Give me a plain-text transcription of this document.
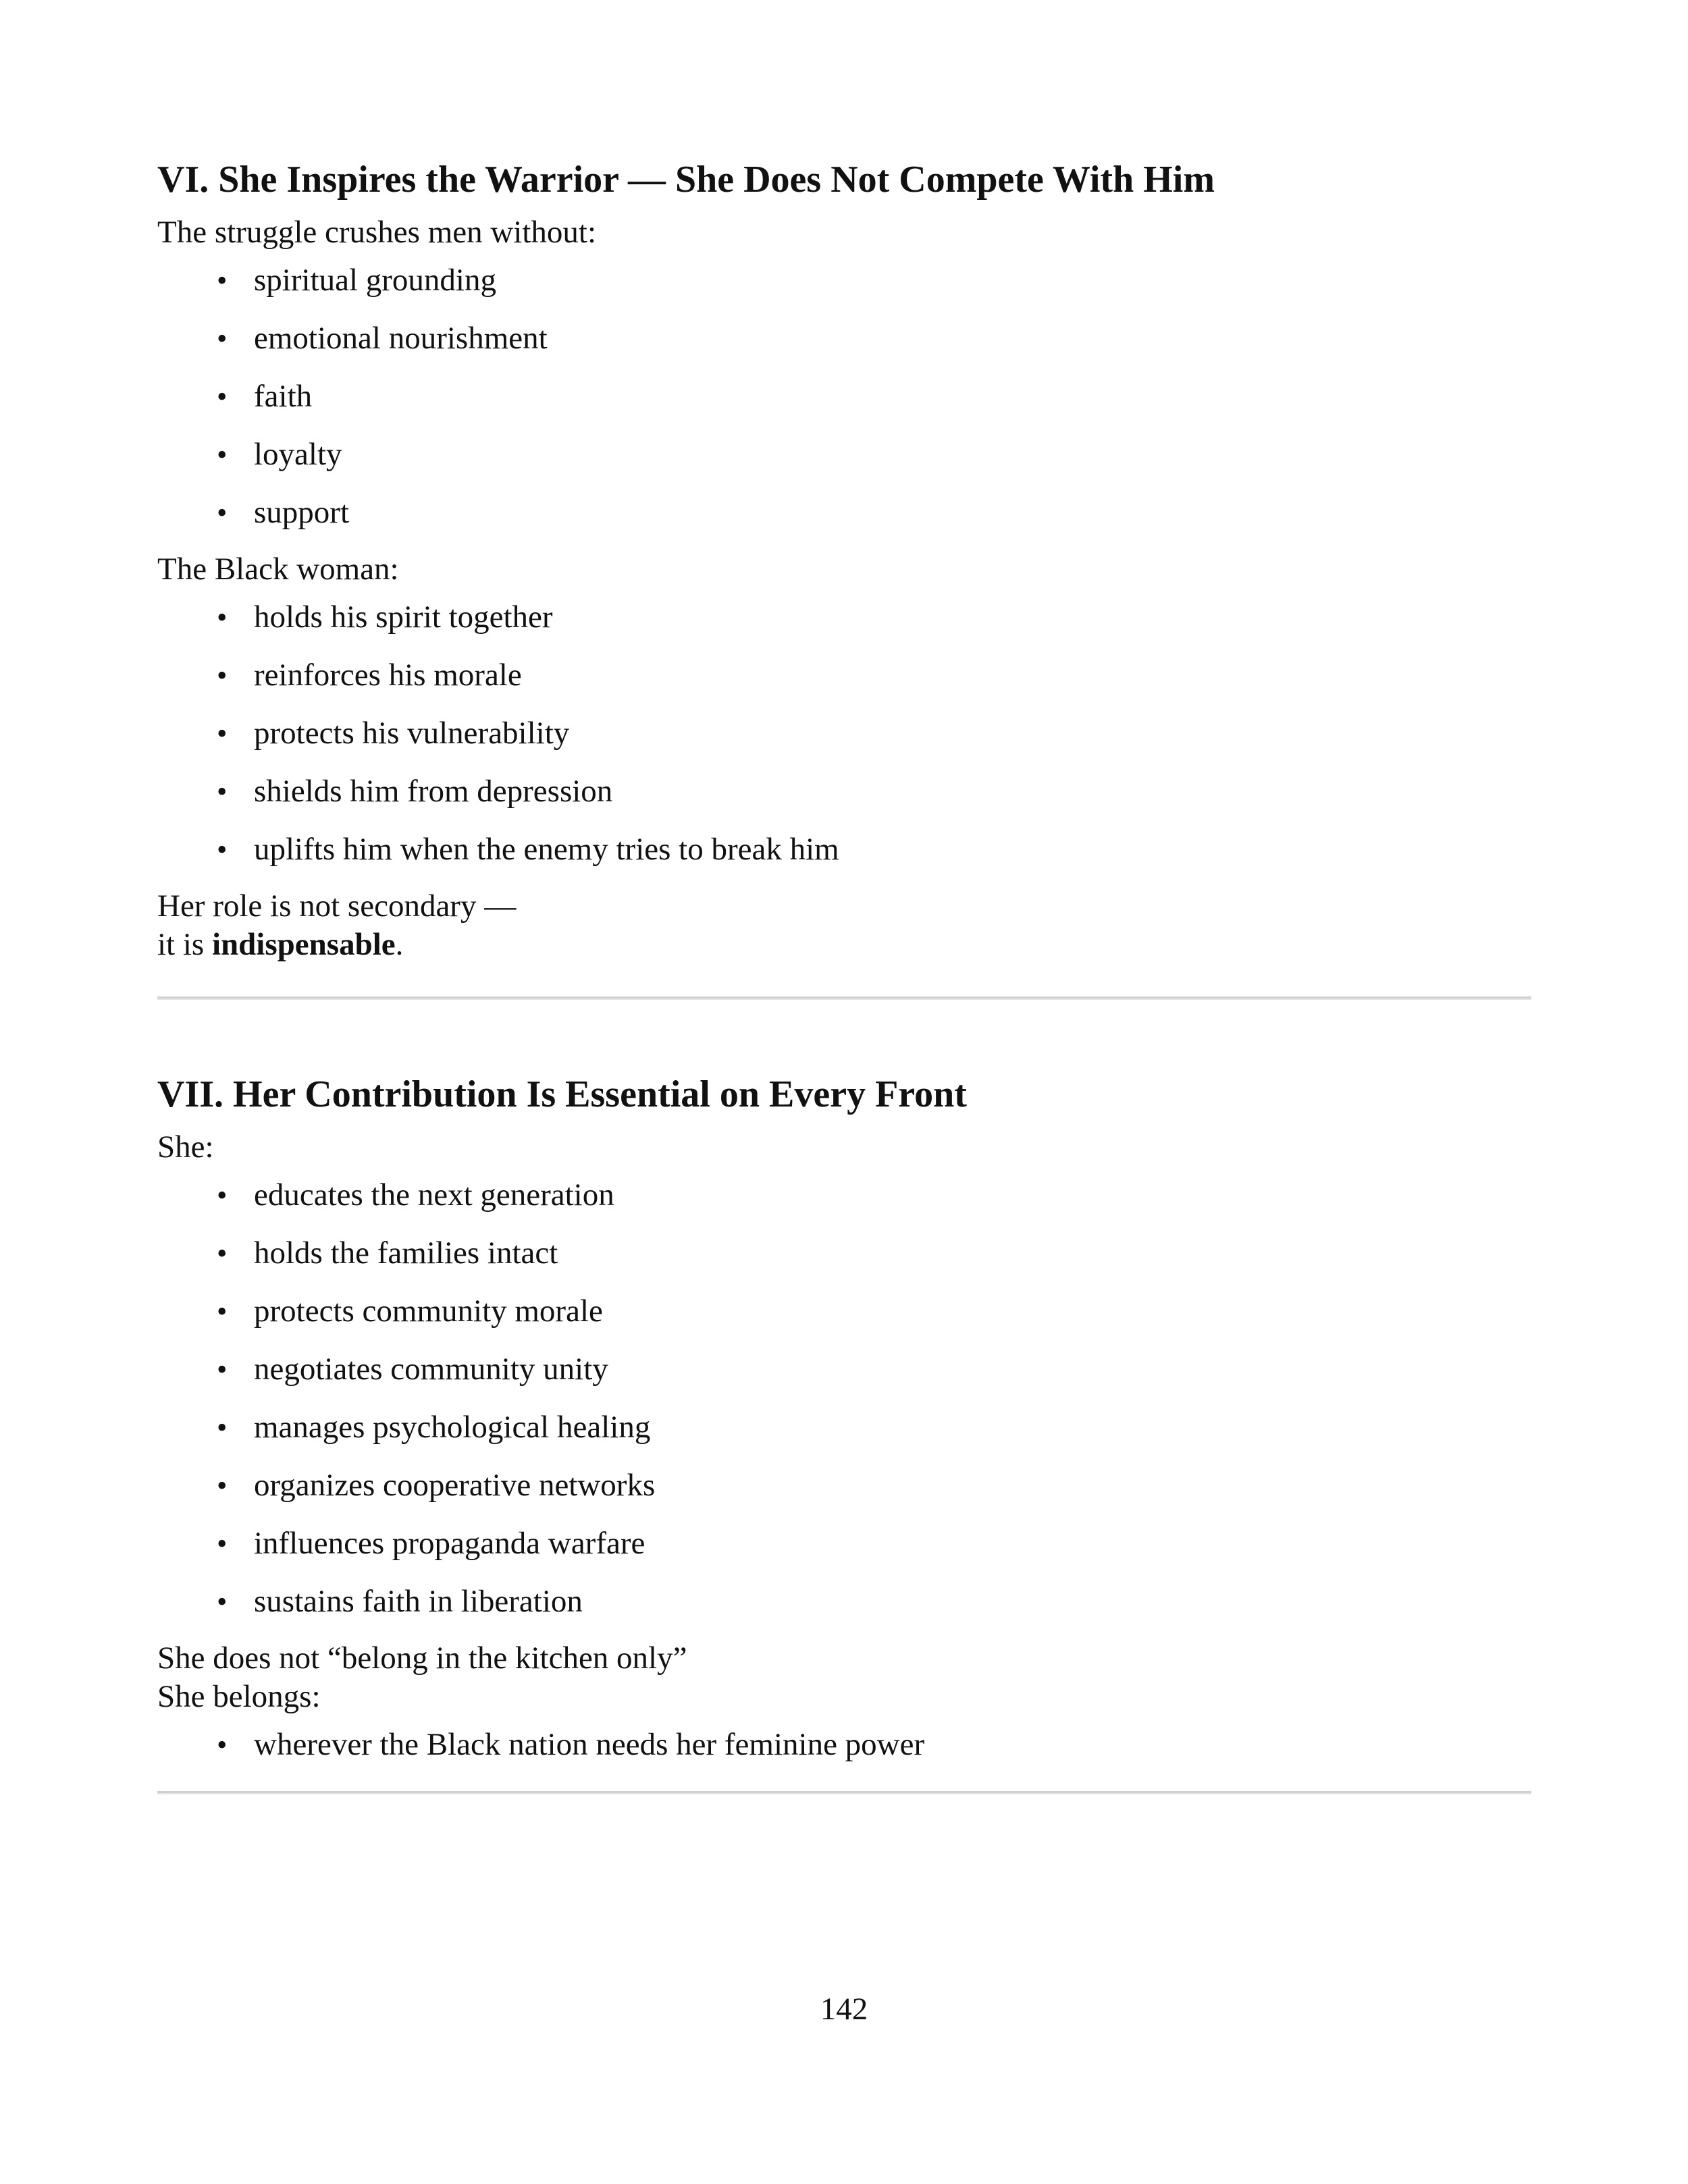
VI. She Inspires the Warrior — She Does Not Compete With Him

The struggle crushes men without:

• spiritual grounding
• emotional nourishment
• faith
• loyalty
• support

The Black woman:

• holds his spirit together
• reinforces his morale
• protects his vulnerability
• shields him from depression
• uplifts him when the enemy tries to break him

Her role is not secondary —

it is indispensable.

VII. Her Contribution Is Essential on Every Front

She:

• educates the next generation
• holds the families intact
• protects community morale
• negotiates community unity
• manages psychological healing
• organizes cooperative networks
• influences propaganda warfare
• sustains faith in liberation

She does not “belong in the kitchen only”

She belongs:

• wherever the Black nation needs her feminine power
142
